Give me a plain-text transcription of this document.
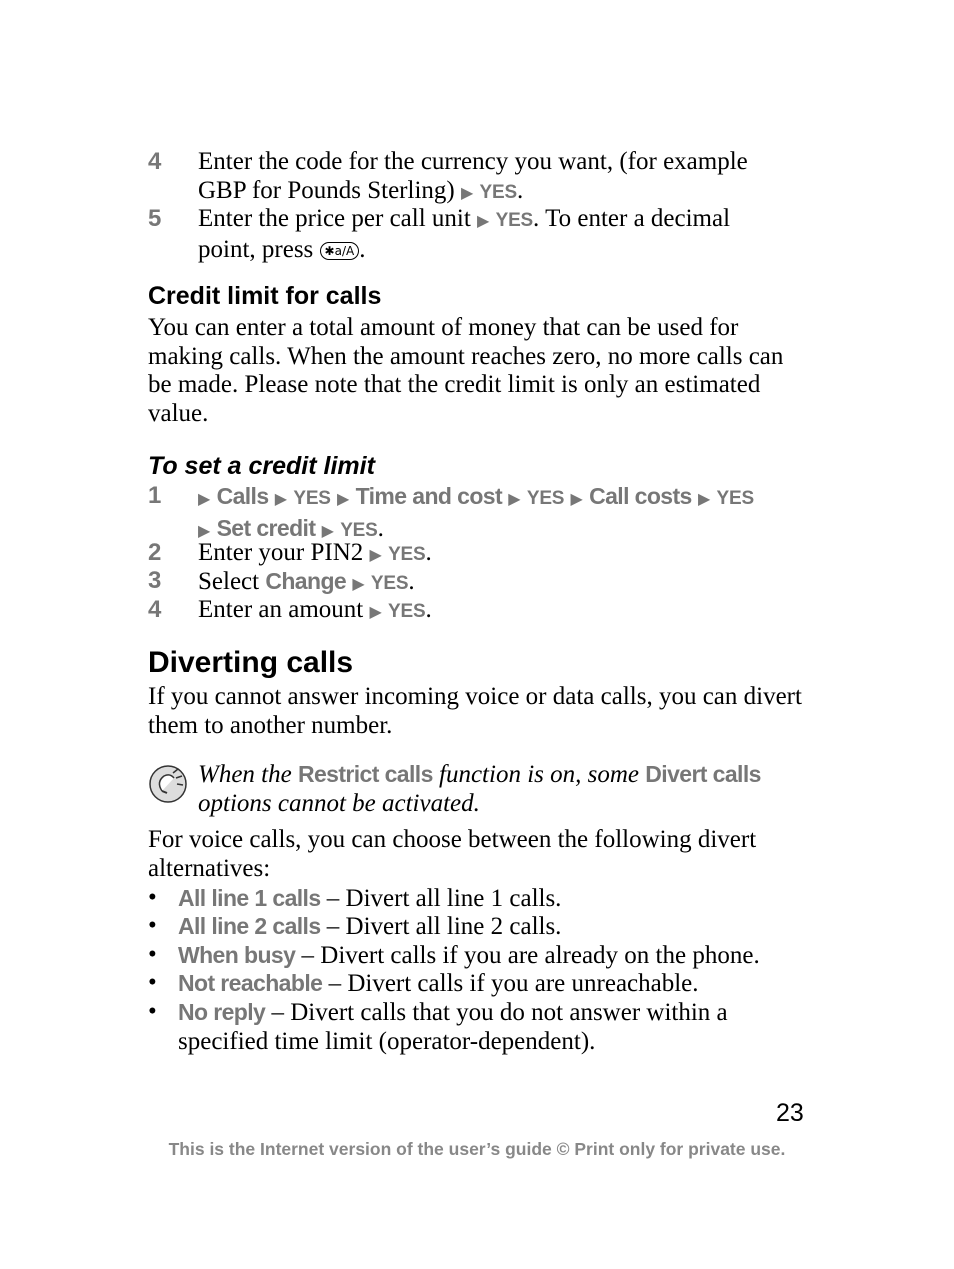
4 Enter the code for the currency you want, (for example
GBP for Pounds Sterling) ▶ YES.
5 Enter the price per call unit ▶ YES. To enter a decimal
point, press ✱a/A .
Credit limit for calls
You can enter a total amount of money that can be used for making calls. When the amount reaches zero, no more calls can be made. Please note that the credit limit is only an estimated value.
To set a credit limit
1 ▶ Calls ▶ YES ▶ Time and cost ▶ YES ▶ Call costs ▶ YES
▶ Set credit ▶ YES.
2 Enter your PIN2 ▶ YES.
3 Select Change ▶ YES.
4 Enter an amount ▶ YES.
Diverting calls
If you cannot answer incoming voice or data calls, you can divert them to another number.
When the Restrict calls function is on, some Divert calls
options cannot be activated.
For voice calls, you can choose between the following divert alternatives:
• All line 1 calls – Divert all line 1 calls.
• All line 2 calls – Divert all line 2 calls.
• When busy – Divert calls if you are already on the phone.
• Not reachable – Divert calls if you are unreachable.
• No reply – Divert calls that you do not answer within a
specified time limit (operator-dependent).
23
This is the Internet version of the user’s guide © Print only for private use.
